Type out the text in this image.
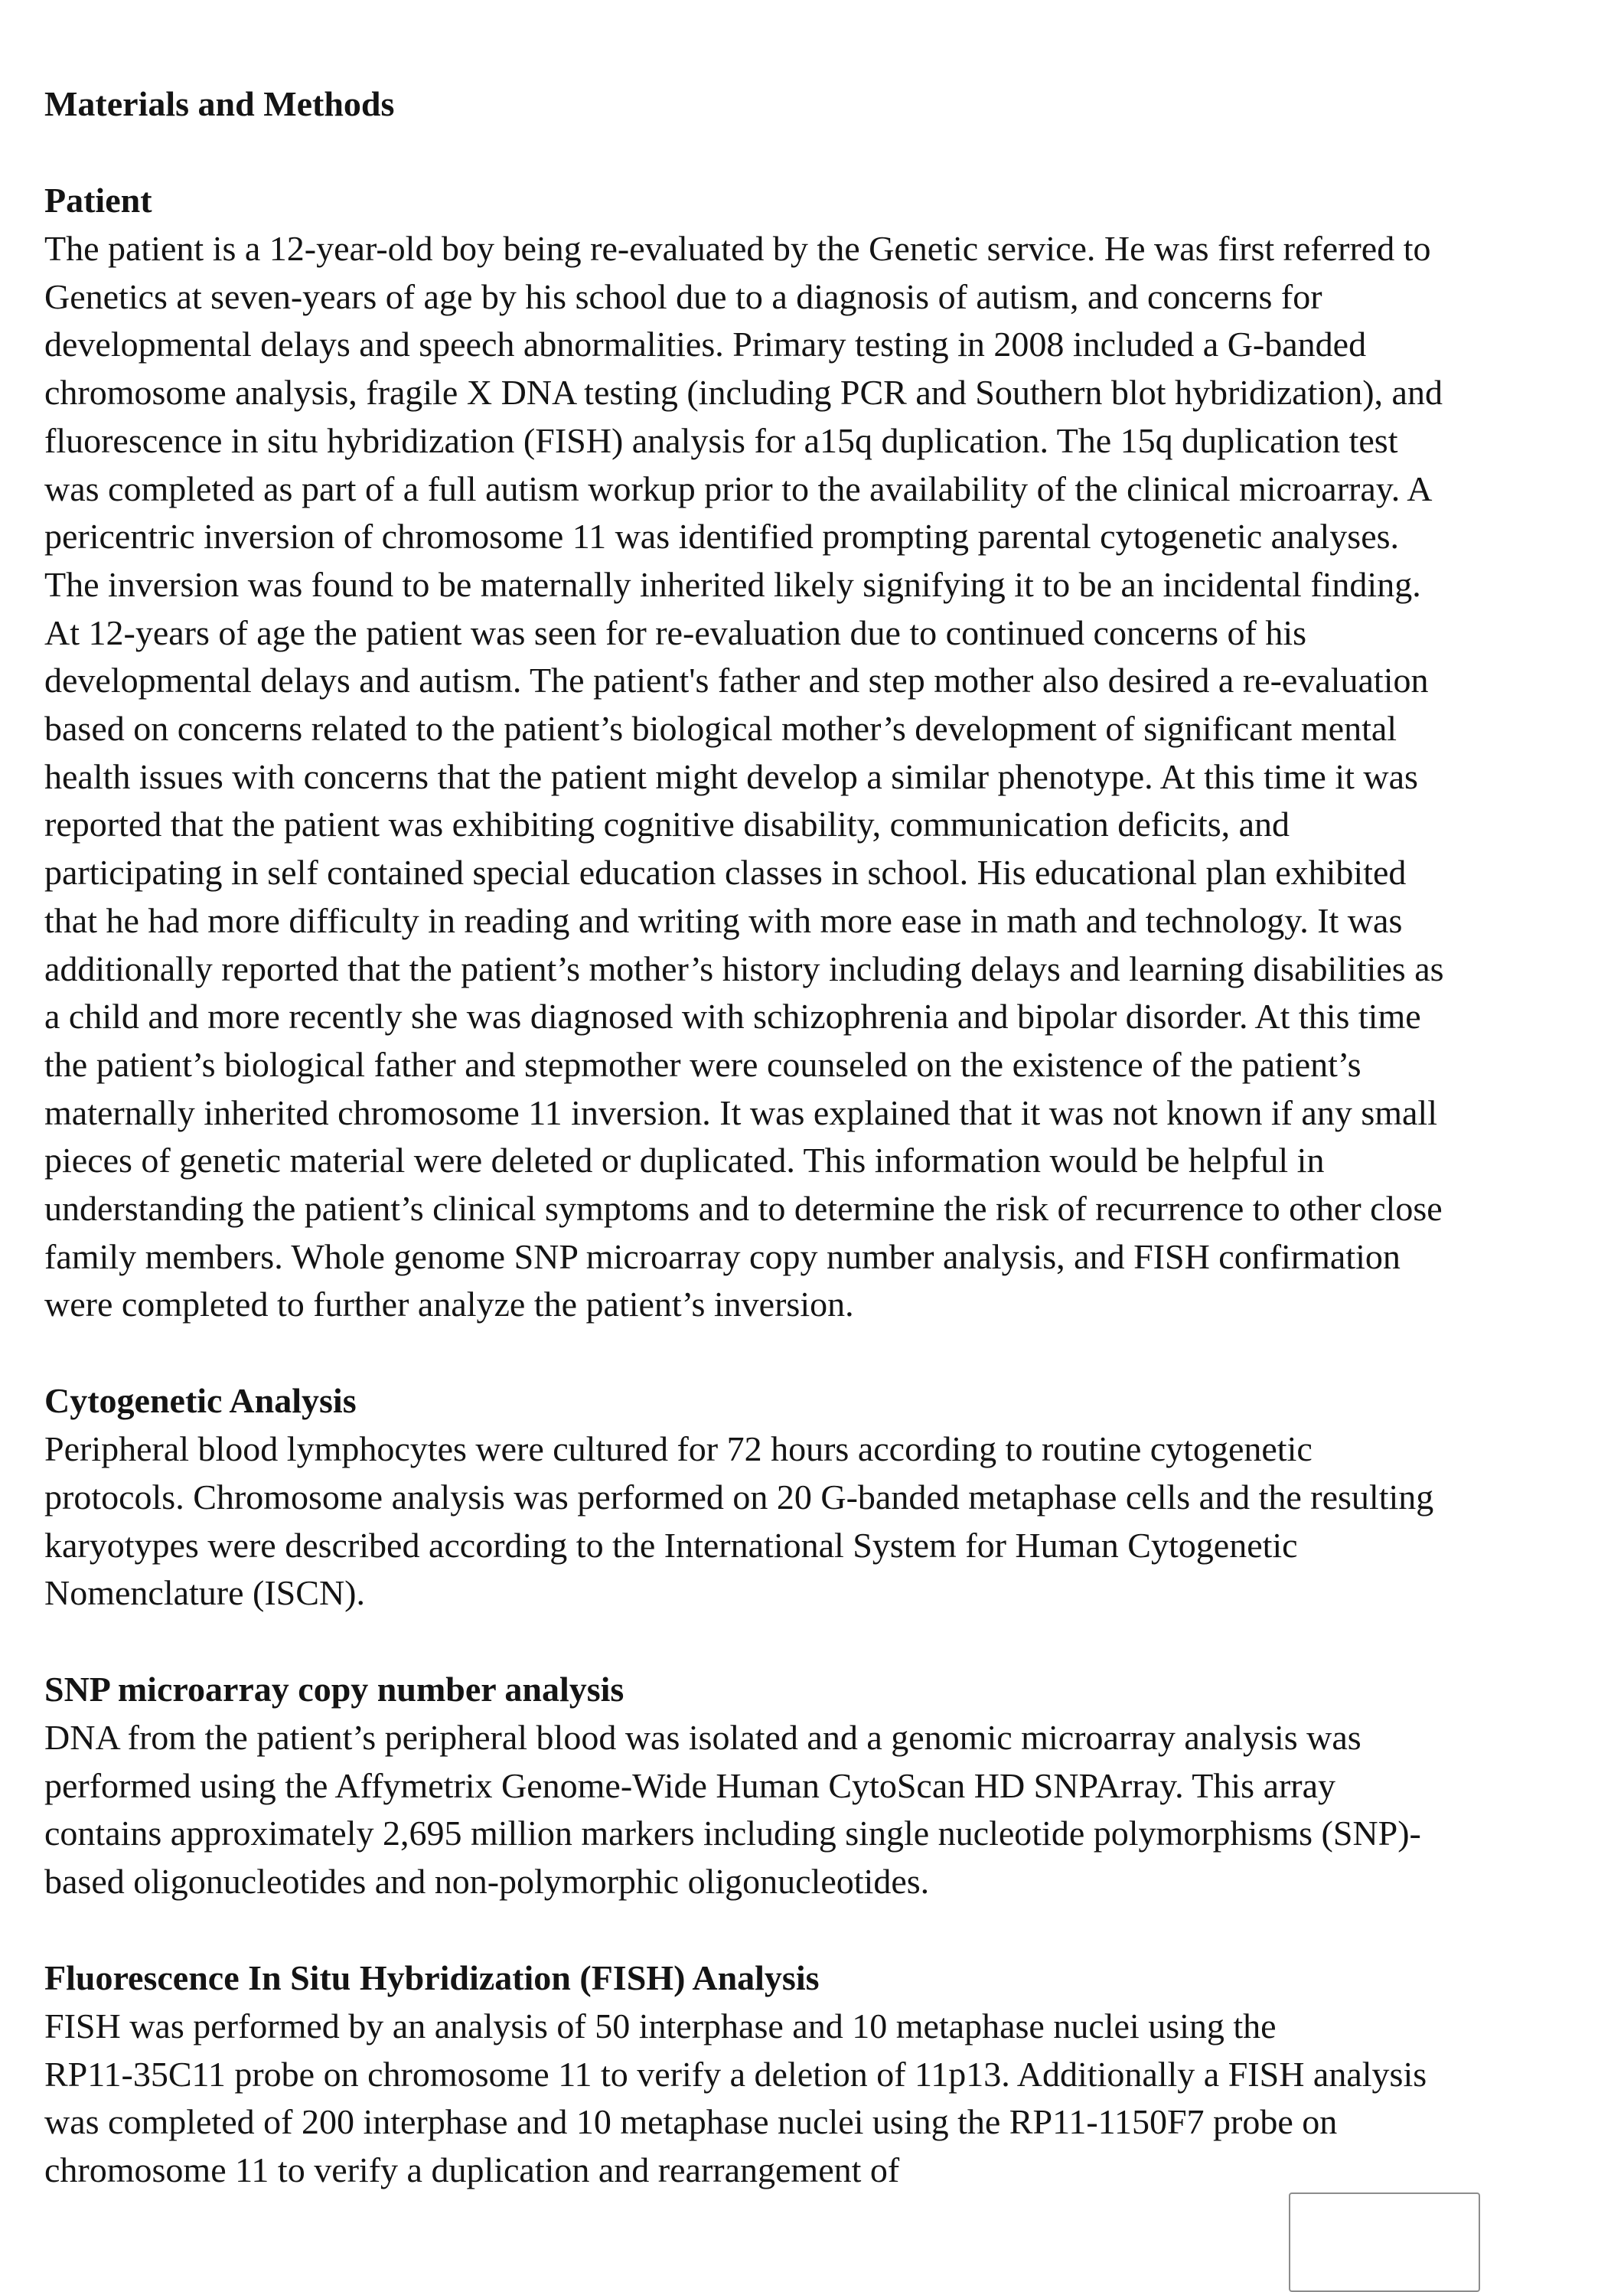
Materials and Methods
Patient

The patient is a 12-year-old boy being re-evaluated by the Genetic service. He was first referred to
Genetics at seven-years of age by his school due to a diagnosis of autism, and concerns for
developmental delays and speech abnormalities. Primary testing in 2008 included a G-banded
chromosome analysis, fragile X DNA testing (including PCR and Southern blot hybridization), and
fluorescence in situ hybridization (FISH) analysis for a15q duplication. The 15q duplication test
was completed as part of a full autism workup prior to the availability of the clinical microarray. A
pericentric inversion of chromosome 11 was identified prompting parental cytogenetic analyses.
The inversion was found to be maternally inherited likely signifying it to be an incidental finding.
At 12-years of age the patient was seen for re-evaluation due to continued concerns of his
developmental delays and autism. The patient's father and step mother also desired a re-evaluation
based on concerns related to the patient’s biological mother’s development of significant mental
health issues with concerns that the patient might develop a similar phenotype. At this time it was
reported that the patient was exhibiting cognitive disability, communication deficits, and
participating in self contained special education classes in school. His educational plan exhibited
that he had more difficulty in reading and writing with more ease in math and technology. It was
additionally reported that the patient’s mother’s history including delays and learning disabilities as
a child and more recently she was diagnosed with schizophrenia and bipolar disorder. At this time
the patient’s biological father and stepmother were counseled on the existence of the patient’s
maternally inherited chromosome 11 inversion. It was explained that it was not known if any small
pieces of genetic material were deleted or duplicated. This information would be helpful in
understanding the patient’s clinical symptoms and to determine the risk of recurrence to other close
family members. Whole genome SNP microarray copy number analysis, and FISH confirmation
were completed to further analyze the patient’s inversion.

Cytogenetic Analysis

Peripheral blood lymphocytes were cultured for 72 hours according to routine cytogenetic
protocols. Chromosome analysis was performed on 20 G-banded metaphase cells and the resulting
karyotypes were described according to the International System for Human Cytogenetic
Nomenclature (ISCN).

SNP microarray copy number analysis

DNA from the patient’s peripheral blood was isolated and a genomic microarray analysis was
performed using the Affymetrix Genome-Wide Human CytoScan HD SNPArray. This array
contains approximately 2,695 million markers including single nucleotide polymorphisms (SNP)-
based oligonucleotides and non-polymorphic oligonucleotides.

Fluorescence In Situ Hybridization (FISH) Analysis

FISH was performed by an analysis of 50 interphase and 10 metaphase nuclei using the
RP11-35C11 probe on chromosome 11 to verify a deletion of 11p13. Additionally a FISH analysis
was completed of 200 interphase and 10 metaphase nuclei using the RP11-1150F7 probe on
chromosome 11 to verify a duplication and rearrangement of
